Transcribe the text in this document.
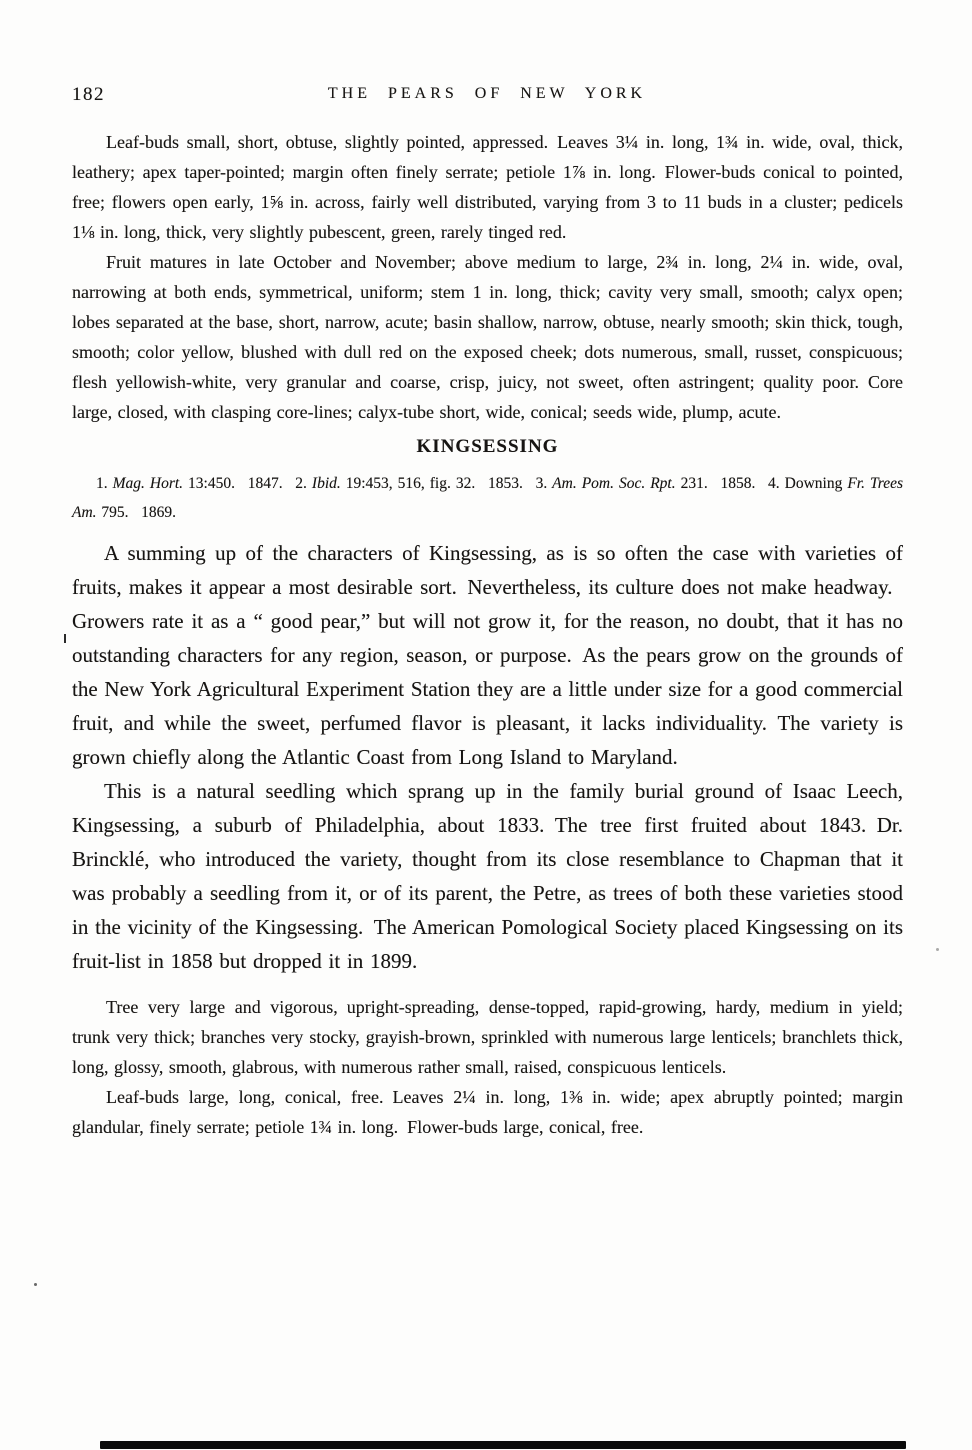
182	THE PEARS OF NEW YORK

Leaf-buds small, short, obtuse, slightly pointed, appressed. Leaves 3¼ in. long, 1¾ in. wide, oval, thick, leathery; apex taper-pointed; margin often finely serrate; petiole 1⅞ in. long. Flower-buds conical to pointed, free; flowers open early, 1⅝ in. across, fairly well distributed, varying from 3 to 11 buds in a cluster; pedicels 1⅛ in. long, thick, very slightly pubescent, green, rarely tinged red.

Fruit matures in late October and November; above medium to large, 2¾ in. long, 2¼ in. wide, oval, narrowing at both ends, symmetrical, uniform; stem 1 in. long, thick; cavity very small, smooth; calyx open; lobes separated at the base, short, narrow, acute; basin shallow, narrow, obtuse, nearly smooth; skin thick, tough, smooth; color yellow, blushed with dull red on the exposed cheek; dots numerous, small, russet, conspicuous; flesh yellowish-white, very granular and coarse, crisp, juicy, not sweet, often astringent; quality poor. Core large, closed, with clasping core-lines; calyx-tube short, wide, conical; seeds wide, plump, acute.

KINGSESSING

1. Mag. Hort. 13:450.  1847.  2. Ibid. 19:453, 516, fig. 32.  1853.  3. Am. Pom. Soc. Rpt. 231.  1858.  4. Downing Fr. Trees Am. 795.  1869.

A summing up of the characters of Kingsessing, as is so often the case with varieties of fruits, makes it appear a most desirable sort. Nevertheless, its culture does not make headway. Growers rate it as a “ good pear,” but will not grow it, for the reason, no doubt, that it has no outstanding characters for any region, season, or purpose. As the pears grow on the grounds of the New York Agricultural Experiment Station they are a little under size for a good commercial fruit, and while the sweet, perfumed flavor is pleasant, it lacks individuality. The variety is grown chiefly along the Atlantic Coast from Long Island to Maryland.

This is a natural seedling which sprang up in the family burial ground of Isaac Leech, Kingsessing, a suburb of Philadelphia, about 1833. The tree first fruited about 1843. Dr. Brincklé, who introduced the variety, thought from its close resemblance to Chapman that it was probably a seedling from it, or of its parent, the Petre, as trees of both these varieties stood in the vicinity of the Kingsessing. The American Pomological Society placed Kingsessing on its fruit-list in 1858 but dropped it in 1899.

Tree very large and vigorous, upright-spreading, dense-topped, rapid-growing, hardy, medium in yield; trunk very thick; branches very stocky, grayish-brown, sprinkled with numerous large lenticels; branchlets thick, long, glossy, smooth, glabrous, with numerous rather small, raised, conspicuous lenticels.

Leaf-buds large, long, conical, free. Leaves 2¼ in. long, 1⅜ in. wide; apex abruptly pointed; margin glandular, finely serrate; petiole 1¾ in. long. Flower-buds large, conical, free.
